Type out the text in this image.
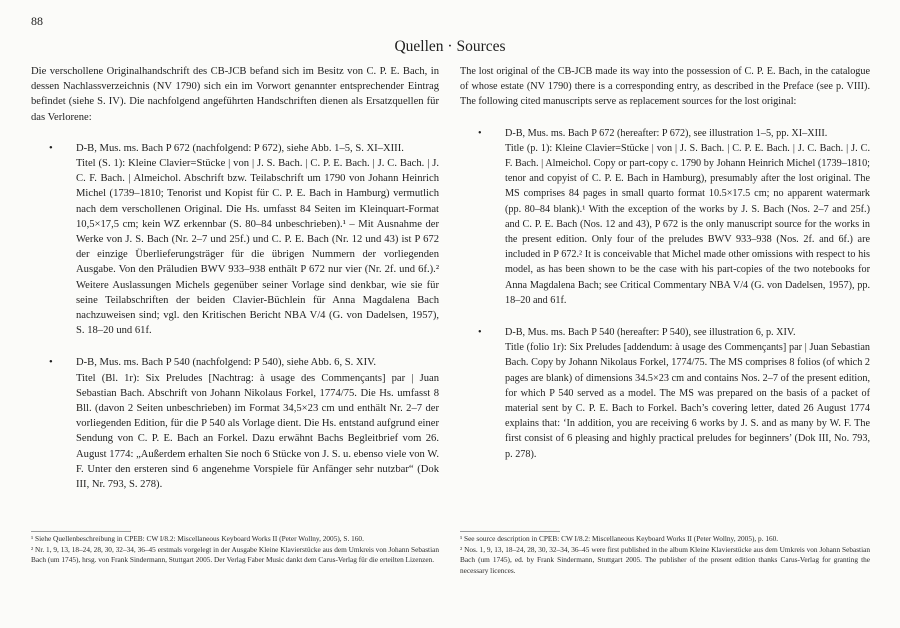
88
Quellen · Sources

Die verschollene Originalhandschrift des CB-JCB befand sich im Besitz von C. P. E. Bach, in dessen Nachlassverzeichnis (NV 1790) sich ein im Vorwort genannter entsprechender Eintrag befindet (siehe S. IV). Die nachfolgend angeführten Handschriften dienen als Ersatzquellen für das Verlorene:

• D-B, Mus. ms. Bach P 672 (nachfolgend: P 672), siehe Abb. 1–5, S. XI–XIII.

Titel (S. 1): Kleine Clavier=Stücke | von | J. S. Bach. | C. P. E. Bach. | J. C. Bach. | J. C. F. Bach. | Almeichol. Abschrift bzw. Teilabschrift um 1790 von Johann Heinrich Michel (1739–1810; Tenorist und Kopist für C. P. E. Bach in Hamburg) vermutlich nach dem verschollenen Original. Die Hs. umfasst 84 Seiten im Kleinquart-Format 10,5×17,5 cm; kein WZ erkennbar (S. 80–84 unbeschrieben).¹ – Mit Ausnahme der Werke von J. S. Bach (Nr. 2–7 und 25f.) und C. P. E. Bach (Nr. 12 und 43) ist P 672 der einzige Überlieferungsträger für die übrigen Nummern der vorliegenden Ausgabe. Von den Präludien BWV 933–938 enthält P 672 nur vier (Nr. 2f. und 6f.).² Weitere Auslassungen Michels gegenüber seiner Vorlage sind denkbar, wie sie für seine Teilabschriften der beiden Clavier-Büchlein für Anna Magdalena Bach nachzuweisen sind; vgl. den Kritischen Bericht NBA V/4 (G. von Dadelsen, 1957), S. 18–20 und 61f.

• D-B, Mus. ms. Bach P 540 (nachfolgend: P 540), siehe Abb. 6, S. XIV.

Titel (Bl. 1r): Six Preludes [Nachtrag: à usage des Commençants] par | Juan Sebastian Bach. Abschrift von Johann Nikolaus Forkel, 1774/75. Die Hs. umfasst 8 Bll. (davon 2 Seiten unbeschrieben) im Format 34,5×23 cm und enthält Nr. 2–7 der vorliegenden Edition, für die P 540 als Vorlage dient. Die Hs. entstand aufgrund einer Sendung von C. P. E. Bach an Forkel. Dazu erwähnt Bachs Begleitbrief vom 26. August 1774: „Außerdem erhalten Sie noch 6 Stücke von J. S. u. ebenso viele von W. F. Unter den ersteren sind 6 angenehme Vorspiele für Anfänger sehr nutzbar“ (Dok III, Nr. 793, S. 278).

The lost original of the CB-JCB made its way into the possession of C. P. E. Bach, in the catalogue of whose estate (NV 1790) there is a corresponding entry, as described in the Preface (see p. VIII). The following cited manuscripts serve as replacement sources for the lost original:

• D-B, Mus. ms. Bach P 672 (hereafter: P 672), see illustration 1–5, pp. XI–XIII.

Title (p. 1): Kleine Clavier=Stücke | von | J. S. Bach. | C. P. E. Bach. | J. C. Bach. | J. C. F. Bach. | Almeichol. Copy or part-copy c. 1790 by Johann Heinrich Michel (1739–1810; tenor and copyist of C. P. E. Bach in Hamburg), presumably after the lost original. The MS comprises 84 pages in small quarto format 10.5×17.5 cm; no apparent watermark (pp. 80–84 blank).¹ With the exception of the works by J. S. Bach (Nos. 2–7 and 25f.) and C. P. E. Bach (Nos. 12 and 43), P 672 is the only manuscript source for the works in the present edition. Only four of the preludes BWV 933–938 (Nos. 2f. and 6f.) are included in P 672.² It is conceivable that Michel made other omissions with respect to his model, as has been shown to be the case with his part-copies of the two notebooks for Anna Magdalena Bach; see Critical Commentary NBA V/4 (G. von Dadelsen, 1957), pp. 18–20 and 61f.

• D-B, Mus. ms. Bach P 540 (hereafter: P 540), see illustration 6, p. XIV.

Title (folio 1r): Six Preludes [addendum: à usage des Commençants] par | Juan Sebastian Bach. Copy by Johann Nikolaus Forkel, 1774/75. The MS comprises 8 folios (of which 2 pages are blank) of dimensions 34.5×23 cm and contains Nos. 2–7 of the present edition, for which P 540 served as a model. The MS was prepared on the basis of a packet of material sent by C. P. E. Bach to Forkel. Bach’s covering letter, dated 26 August 1774 explains that: ‘In addition, you are receiving 6 works by J. S. and as many by W. F. The first consist of 6 pleasing and highly practical preludes for beginners’ (Dok III, No. 793, p. 278).

¹ Siehe Quellenbeschreibung in CPEB: CW I/8.2: Miscellaneous Keyboard Works II (Peter Wollny, 2005), S. 160.

² Nr. 1, 9, 13, 18–24, 28, 30, 32–34, 36–45 erstmals vorgelegt in der Ausgabe Kleine Klavierstücke aus dem Umkreis von Johann Sebastian Bach (um 1745), hrsg. von Frank Sindermann, Stuttgart 2005. Der Verlag Faber Music dankt dem Carus-Verlag für die erteilten Lizenzen.

¹ See source description in CPEB: CW I/8.2: Miscellaneous Keyboard Works II (Peter Wollny, 2005), p. 160.

² Nos. 1, 9, 13, 18–24, 28, 30, 32–34, 36–45 were first published in the album Kleine Klavierstücke aus dem Umkreis von Johann Sebastian Bach (um 1745), ed. by Frank Sindermann, Stuttgart 2005. The publisher of the present edition thanks Carus-Verlag for granting the necessary licences.
